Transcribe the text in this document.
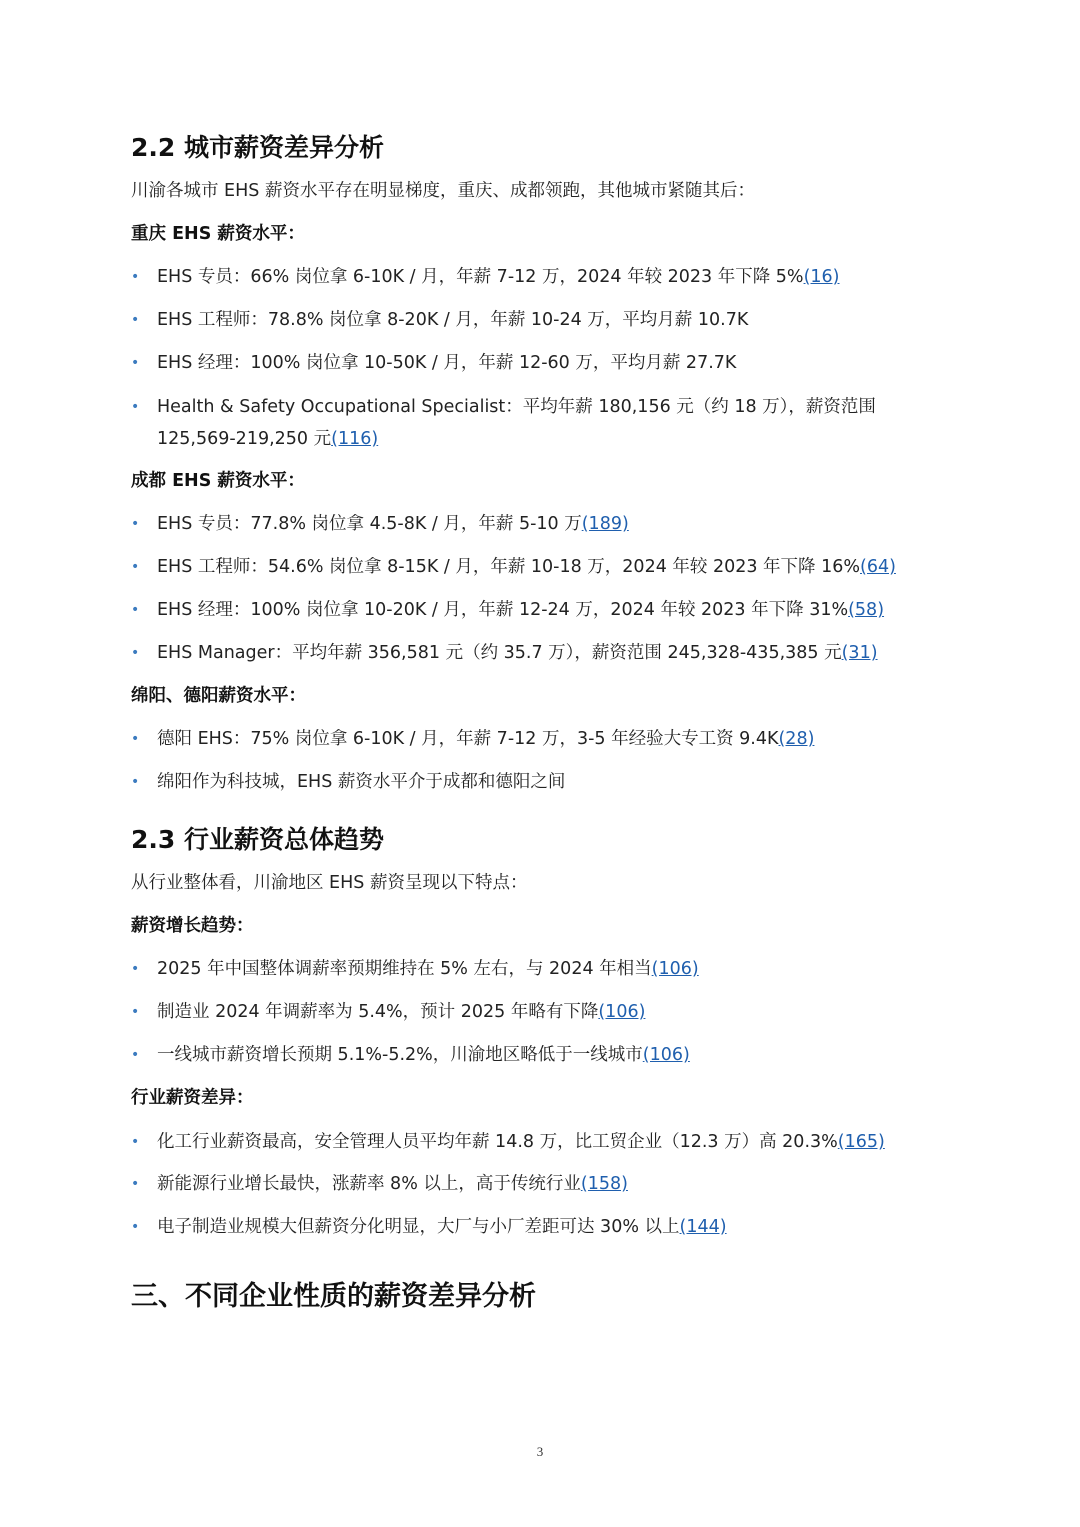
2.2 城市薪资差异分析

川渝各城市 EHS 薪资水平存在明显梯度，重庆、成都领跑，其他城市紧随其后：

重庆 EHS 薪资水平：

• EHS 专员：66% 岗位拿 6-10K / 月，年薪 7-12 万，2024 年较 2023 年下降 5%(16)
• EHS 工程师：78.8% 岗位拿 8-20K / 月，年薪 10-24 万，平均月薪 10.7K
• EHS 经理：100% 岗位拿 10-50K / 月，年薪 12-60 万，平均月薪 27.7K
• Health & Safety Occupational Specialist：平均年薪 180,156 元（约 18 万），薪资范围 125,569-219,250 元(116)

成都 EHS 薪资水平：

• EHS 专员：77.8% 岗位拿 4.5-8K / 月，年薪 5-10 万(189)
• EHS 工程师：54.6% 岗位拿 8-15K / 月，年薪 10-18 万，2024 年较 2023 年下降 16%(64)
• EHS 经理：100% 岗位拿 10-20K / 月，年薪 12-24 万，2024 年较 2023 年下降 31%(58)
• EHS Manager：平均年薪 356,581 元（约 35.7 万），薪资范围 245,328-435,385 元(31)

绵阳、德阳薪资水平：

• 德阳 EHS：75% 岗位拿 6-10K / 月，年薪 7-12 万，3-5 年经验大专工资 9.4K(28)
• 绵阳作为科技城，EHS 薪资水平介于成都和德阳之间
2.3 行业薪资总体趋势

从行业整体看，川渝地区 EHS 薪资呈现以下特点：

薪资增长趋势：

• 2025 年中国整体调薪率预期维持在 5% 左右，与 2024 年相当(106)
• 制造业 2024 年调薪率为 5.4%，预计 2025 年略有下降(106)
• 一线城市薪资增长预期 5.1%-5.2%，川渝地区略低于一线城市(106)

行业薪资差异：

• 化工行业薪资最高，安全管理人员平均年薪 14.8 万，比工贸企业（12.3 万）高 20.3%(165)
• 新能源行业增长最快，涨薪率 8% 以上，高于传统行业(158)
• 电子制造业规模大但薪资分化明显，大厂与小厂差距可达 30% 以上(144)
三、不同企业性质的薪资差异分析
3
